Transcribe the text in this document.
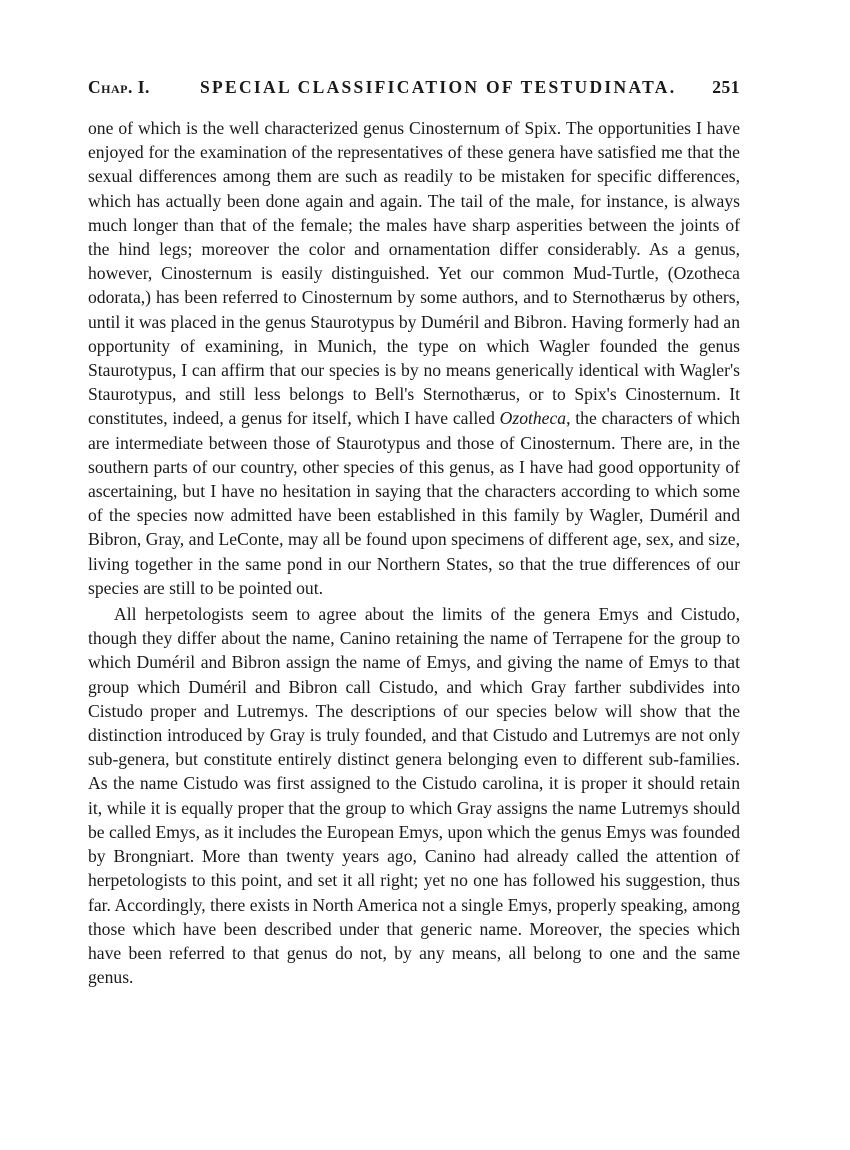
Chap. I.	SPECIAL CLASSIFICATION OF TESTUDINATA. 251

one of which is the well characterized genus Cinosternum of Spix. The opportunities I have enjoyed for the examination of the representatives of these genera have satisfied me that the sexual differences among them are such as readily to be mistaken for specific differences, which has actually been done again and again. The tail of the male, for instance, is always much longer than that of the female; the males have sharp asperities between the joints of the hind legs; moreover the color and ornamentation differ considerably. As a genus, however, Cinosternum is easily distinguished. Yet our common Mud-Turtle, (Ozotheca odorata,) has been referred to Cinosternum by some authors, and to Sternothærus by others, until it was placed in the genus Staurotypus by Duméril and Bibron. Having formerly had an opportunity of examining, in Munich, the type on which Wagler founded the genus Staurotypus, I can affirm that our species is by no means generically identical with Wagler's Staurotypus, and still less belongs to Bell's Sternothærus, or to Spix's Cinosternum. It constitutes, indeed, a genus for itself, which I have called Ozotheca, the characters of which are intermediate between those of Staurotypus and those of Cinosternum. There are, in the southern parts of our country, other species of this genus, as I have had good opportunity of ascertaining, but I have no hesitation in saying that the characters according to which some of the species now admitted have been established in this family by Wagler, Duméril and Bibron, Gray, and LeConte, may all be found upon specimens of different age, sex, and size, living together in the same pond in our Northern States, so that the true differences of our species are still to be pointed out.

All herpetologists seem to agree about the limits of the genera Emys and Cistudo, though they differ about the name, Canino retaining the name of Terrapene for the group to which Duméril and Bibron assign the name of Emys, and giving the name of Emys to that group which Duméril and Bibron call Cistudo, and which Gray farther subdivides into Cistudo proper and Lutremys. The descriptions of our species below will show that the distinction introduced by Gray is truly founded, and that Cistudo and Lutremys are not only sub-genera, but constitute entirely distinct genera belonging even to different sub-families. As the name Cistudo was first assigned to the Cistudo carolina, it is proper it should retain it, while it is equally proper that the group to which Gray assigns the name Lutremys should be called Emys, as it includes the European Emys, upon which the genus Emys was founded by Brongniart. More than twenty years ago, Canino had already called the attention of herpetologists to this point, and set it all right; yet no one has followed his suggestion, thus far. Accordingly, there exists in North America not a single Emys, properly speaking, among those which have been described under that generic name. Moreover, the species which have been referred to that genus do not, by any means, all belong to one and the same genus.
